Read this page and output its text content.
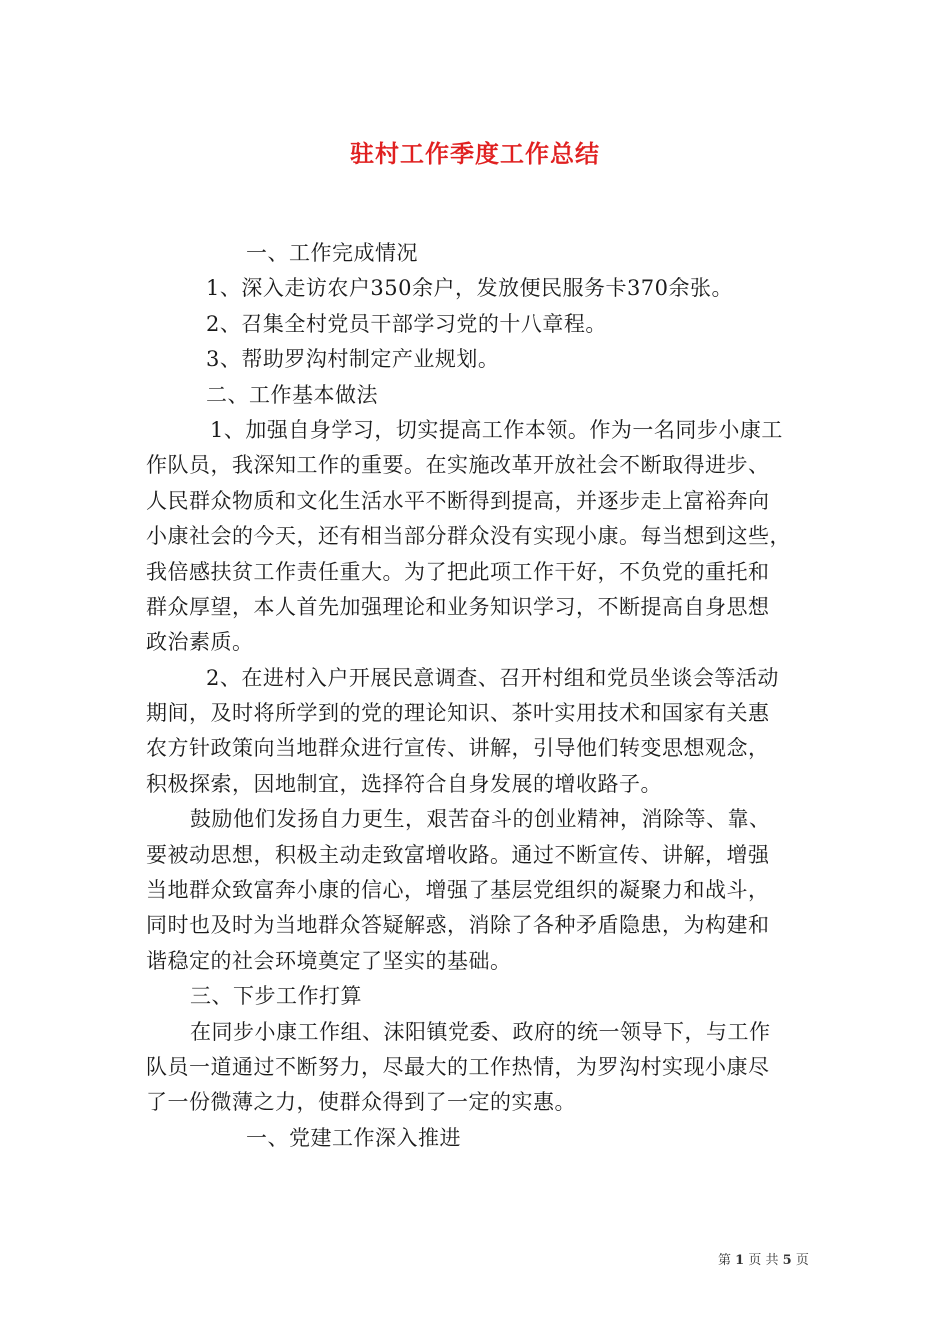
驻村工作季度工作总结
一、工作完成情况
1、深入走访农户350余户，发放便民服务卡370余张。
2、召集全村党员干部学习党的十八章程。
3、帮助罗沟村制定产业规划。
二、工作基本做法
1、加强自身学习，切实提高工作本领。作为一名同步小康工
作队员，我深知工作的重要。在实施改革开放社会不断取得进步、
人民群众物质和文化生活水平不断得到提高，并逐步走上富裕奔向
小康社会的今天，还有相当部分群众没有实现小康。每当想到这些，
我倍感扶贫工作责任重大。为了把此项工作干好，不负党的重托和
群众厚望，本人首先加强理论和业务知识学习，不断提高自身思想
政治素质。
2、在进村入户开展民意调查、召开村组和党员坐谈会等活动
期间，及时将所学到的党的理论知识、茶叶实用技术和国家有关惠
农方针政策向当地群众进行宣传、讲解，引导他们转变思想观念，
积极探索，因地制宜，选择符合自身发展的增收路子。
鼓励他们发扬自力更生，艰苦奋斗的创业精神，消除等、靠、
要被动思想，积极主动走致富增收路。通过不断宣传、讲解，增强
当地群众致富奔小康的信心，增强了基层党组织的凝聚力和战斗，
同时也及时为当地群众答疑解惑，消除了各种矛盾隐患，为构建和
谐稳定的社会环境奠定了坚实的基础。
三、下步工作打算
在同步小康工作组、沫阳镇党委、政府的统一领导下，与工作
队员一道通过不断努力，尽最大的工作热情，为罗沟村实现小康尽
了一份微薄之力，使群众得到了一定的实惠。
一、党建工作深入推进
第 1 页 共 5 页
